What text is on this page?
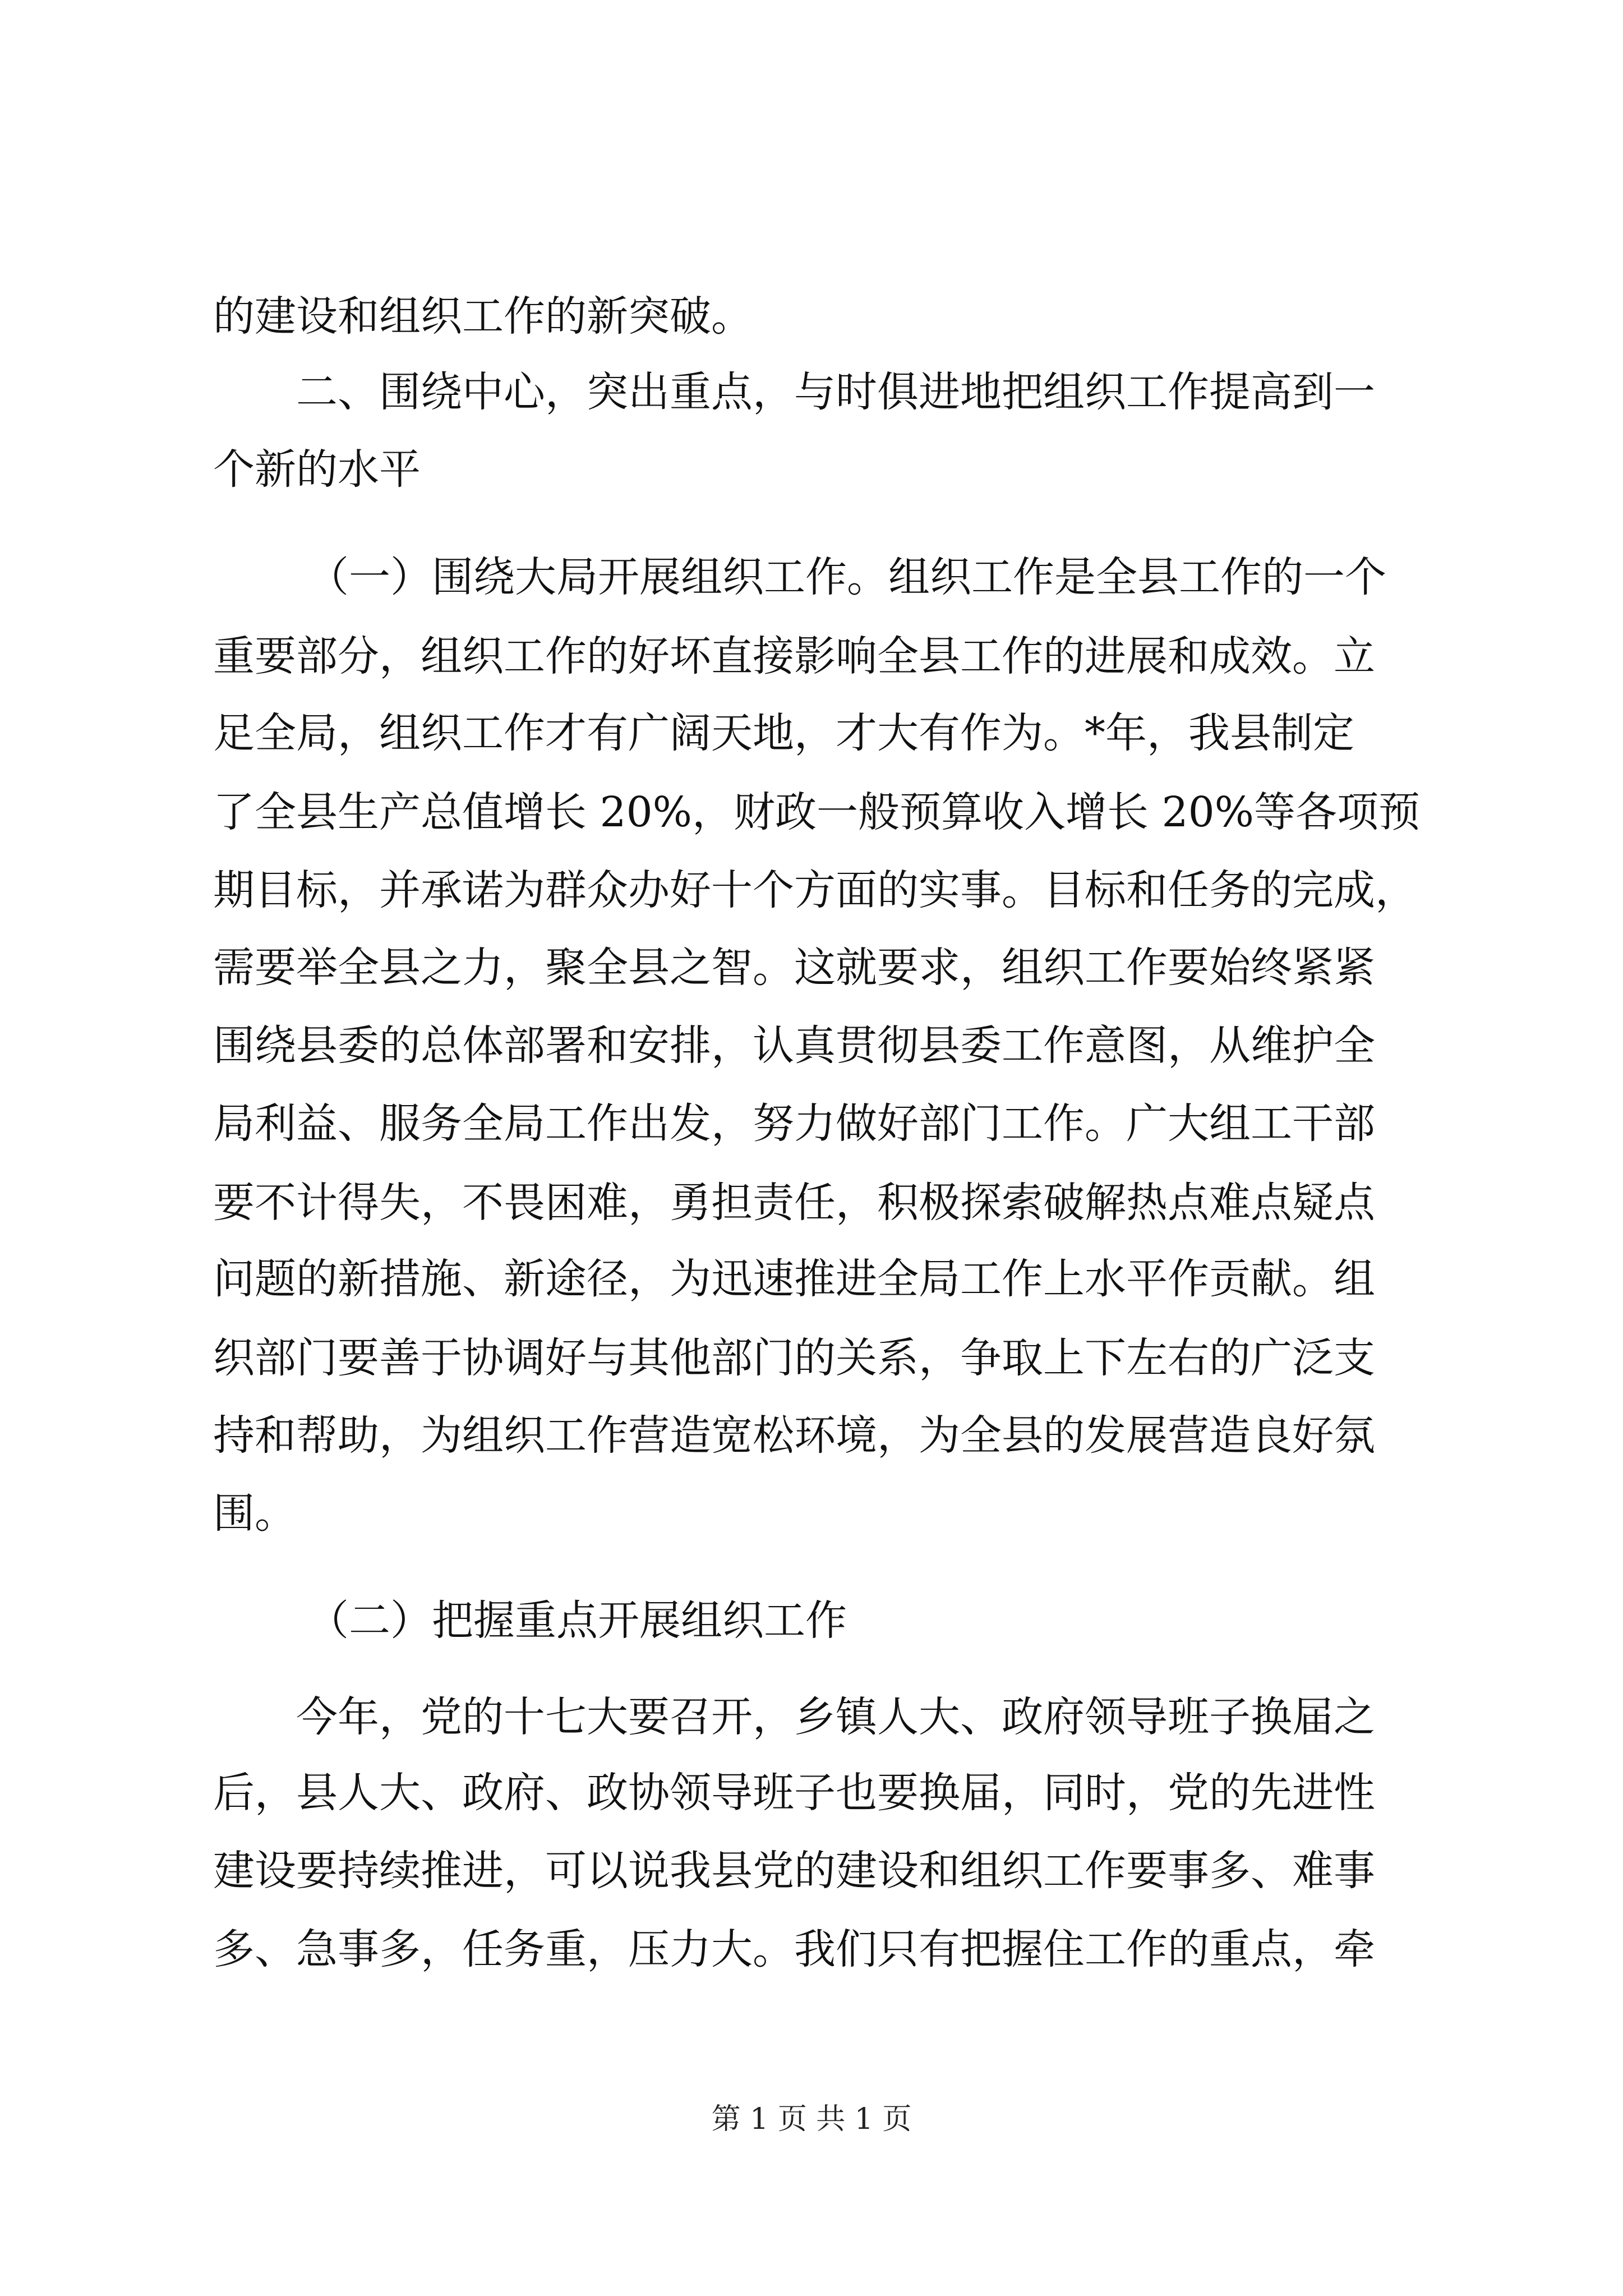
的建设和组织工作的新突破。
二、围绕中心，突出重点，与时俱进地把组织工作提高到一
个新的水平
（一）围绕大局开展组织工作。组织工作是全县工作的一个
重要部分，组织工作的好坏直接影响全县工作的进展和成效。立
足全局，组织工作才有广阔天地，才大有作为。*年，我县制定
了全县生产总值增长 20%，财政一般预算收入增长 20%等各项预
期目标，并承诺为群众办好十个方面的实事。目标和任务的完成，
需要举全县之力，聚全县之智。这就要求，组织工作要始终紧紧
围绕县委的总体部署和安排，认真贯彻县委工作意图，从维护全
局利益、服务全局工作出发，努力做好部门工作。广大组工干部
要不计得失，不畏困难，勇担责任，积极探索破解热点难点疑点
问题的新措施、新途径，为迅速推进全局工作上水平作贡献。组
织部门要善于协调好与其他部门的关系，争取上下左右的广泛支
持和帮助，为组织工作营造宽松环境，为全县的发展营造良好氛
围。
（二）把握重点开展组织工作
今年，党的十七大要召开，乡镇人大、政府领导班子换届之
后，县人大、政府、政协领导班子也要换届，同时，党的先进性
建设要持续推进，可以说我县党的建设和组织工作要事多、难事
多、急事多，任务重，压力大。我们只有把握住工作的重点，牵
第 1 页 共 1 页
